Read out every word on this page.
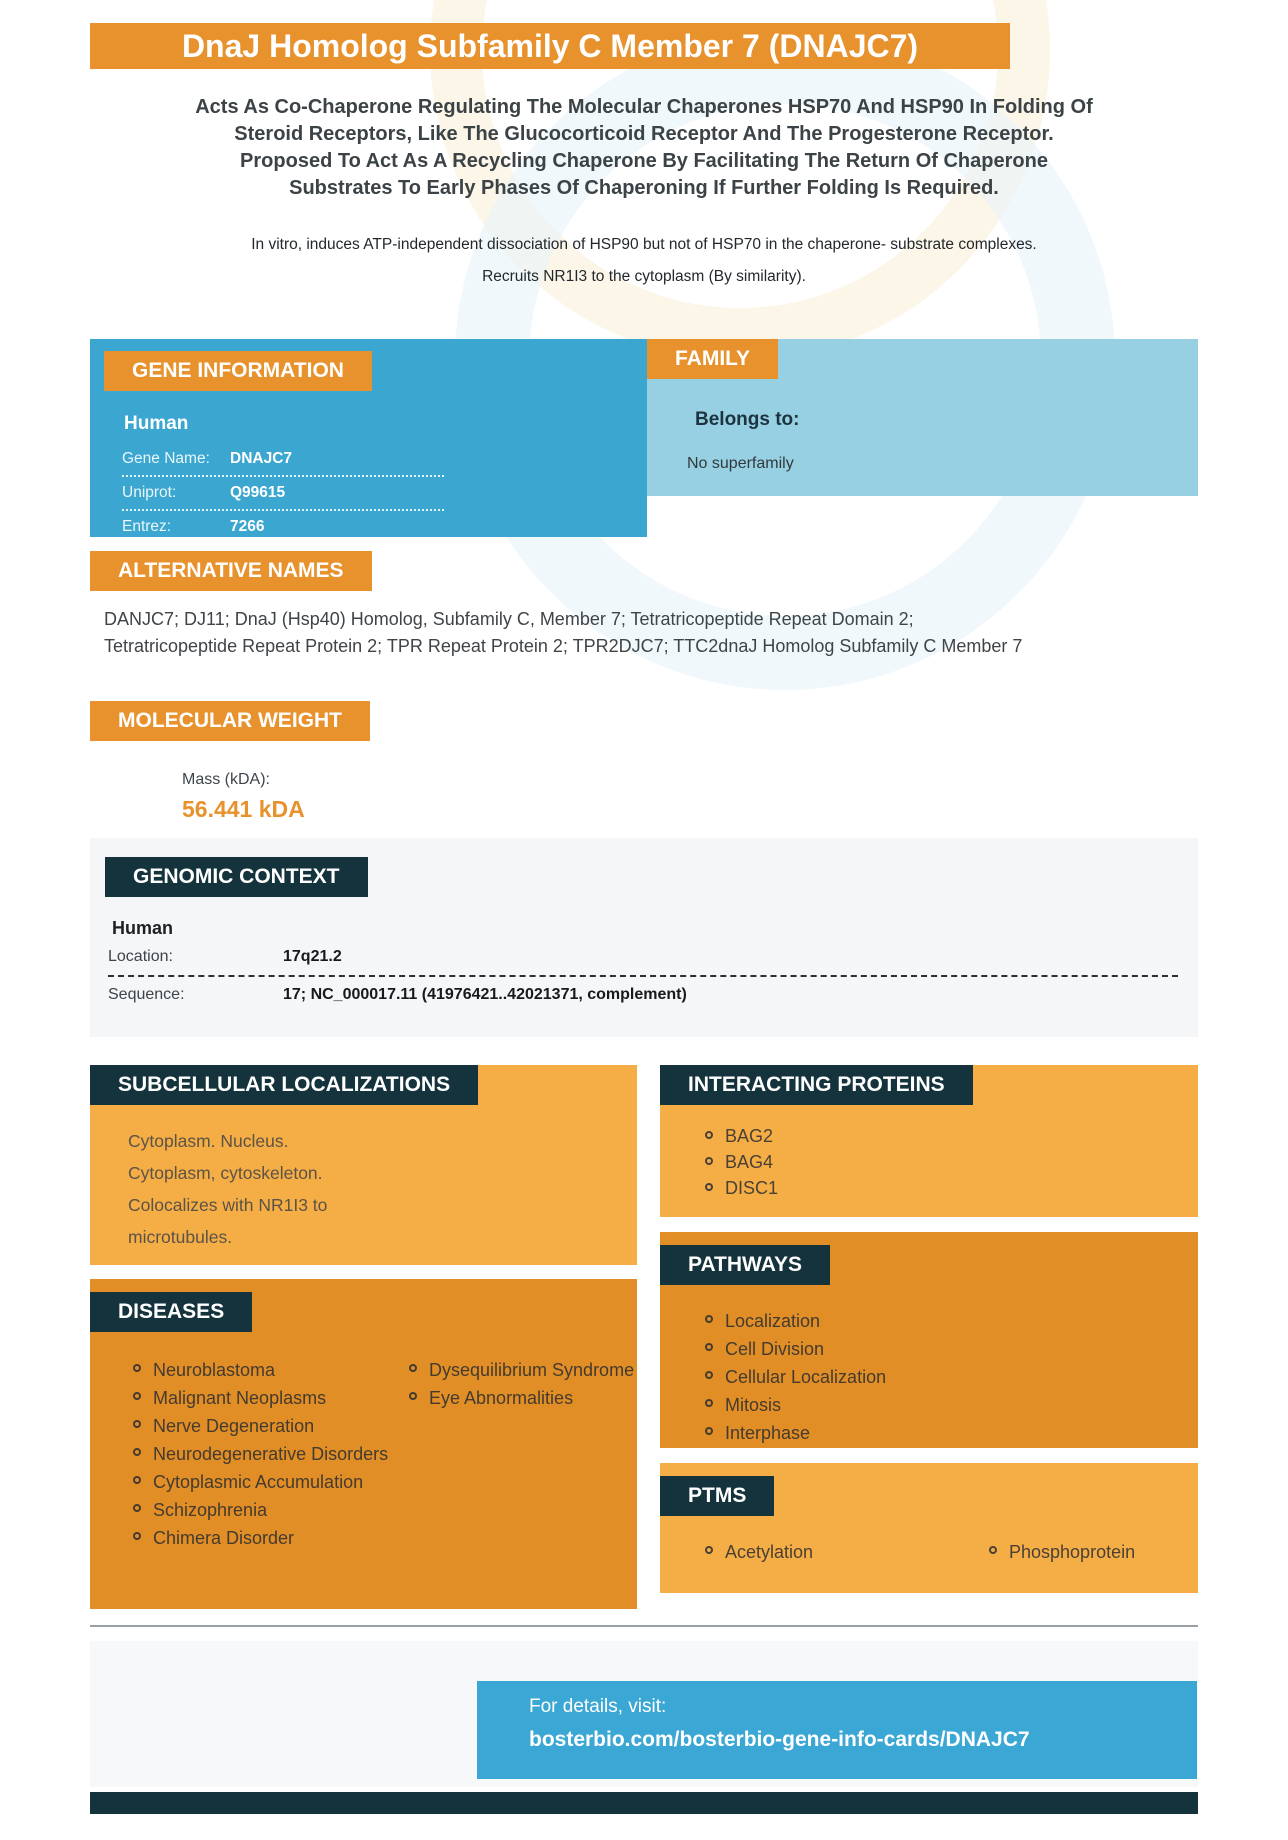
DnaJ Homolog Subfamily C Member 7 (DNAJC7)
Acts As Co-Chaperone Regulating The Molecular Chaperones HSP70 And HSP90 In Folding Of Steroid Receptors, Like The Glucocorticoid Receptor And The Progesterone Receptor. Proposed To Act As A Recycling Chaperone By Facilitating The Return Of Chaperone Substrates To Early Phases Of Chaperoning If Further Folding Is Required.
In vitro, induces ATP-independent dissociation of HSP90 but not of HSP70 in the chaperone- substrate complexes.
Recruits NR1I3 to the cytoplasm (By similarity).
GENE INFORMATION
Human
Gene Name:	DNAJC7
Uniprot:	Q99615
Entrez:	7266
FAMILY
Belongs to:
No superfamily
ALTERNATIVE NAMES
DANJC7; DJ11; DnaJ (Hsp40) Homolog, Subfamily C, Member 7; Tetratricopeptide Repeat Domain 2;
Tetratricopeptide Repeat Protein 2; TPR Repeat Protein 2; TPR2DJC7; TTC2dnaJ Homolog Subfamily C Member 7
MOLECULAR WEIGHT
Mass (kDA):
56.441 kDA
GENOMIC CONTEXT
Human
Location:	17q21.2
Sequence:	17; NC_000017.11 (41976421..42021371, complement)
SUBCELLULAR LOCALIZATIONS
Cytoplasm. Nucleus.
Cytoplasm, cytoskeleton.
Colocalizes with NR1I3 to
microtubules.
DISEASES
Neuroblastoma
Malignant Neoplasms
Nerve Degeneration
Neurodegenerative Disorders
Cytoplasmic Accumulation
Schizophrenia
Chimera Disorder
Dysequilibrium Syndrome
Eye Abnormalities
INTERACTING PROTEINS
BAG2
BAG4
DISC1
PATHWAYS
Localization
Cell Division
Cellular Localization
Mitosis
Interphase
PTMS
Acetylation	Phosphoprotein
For details, visit:
bosterbio.com/bosterbio-gene-info-cards/DNAJC7
